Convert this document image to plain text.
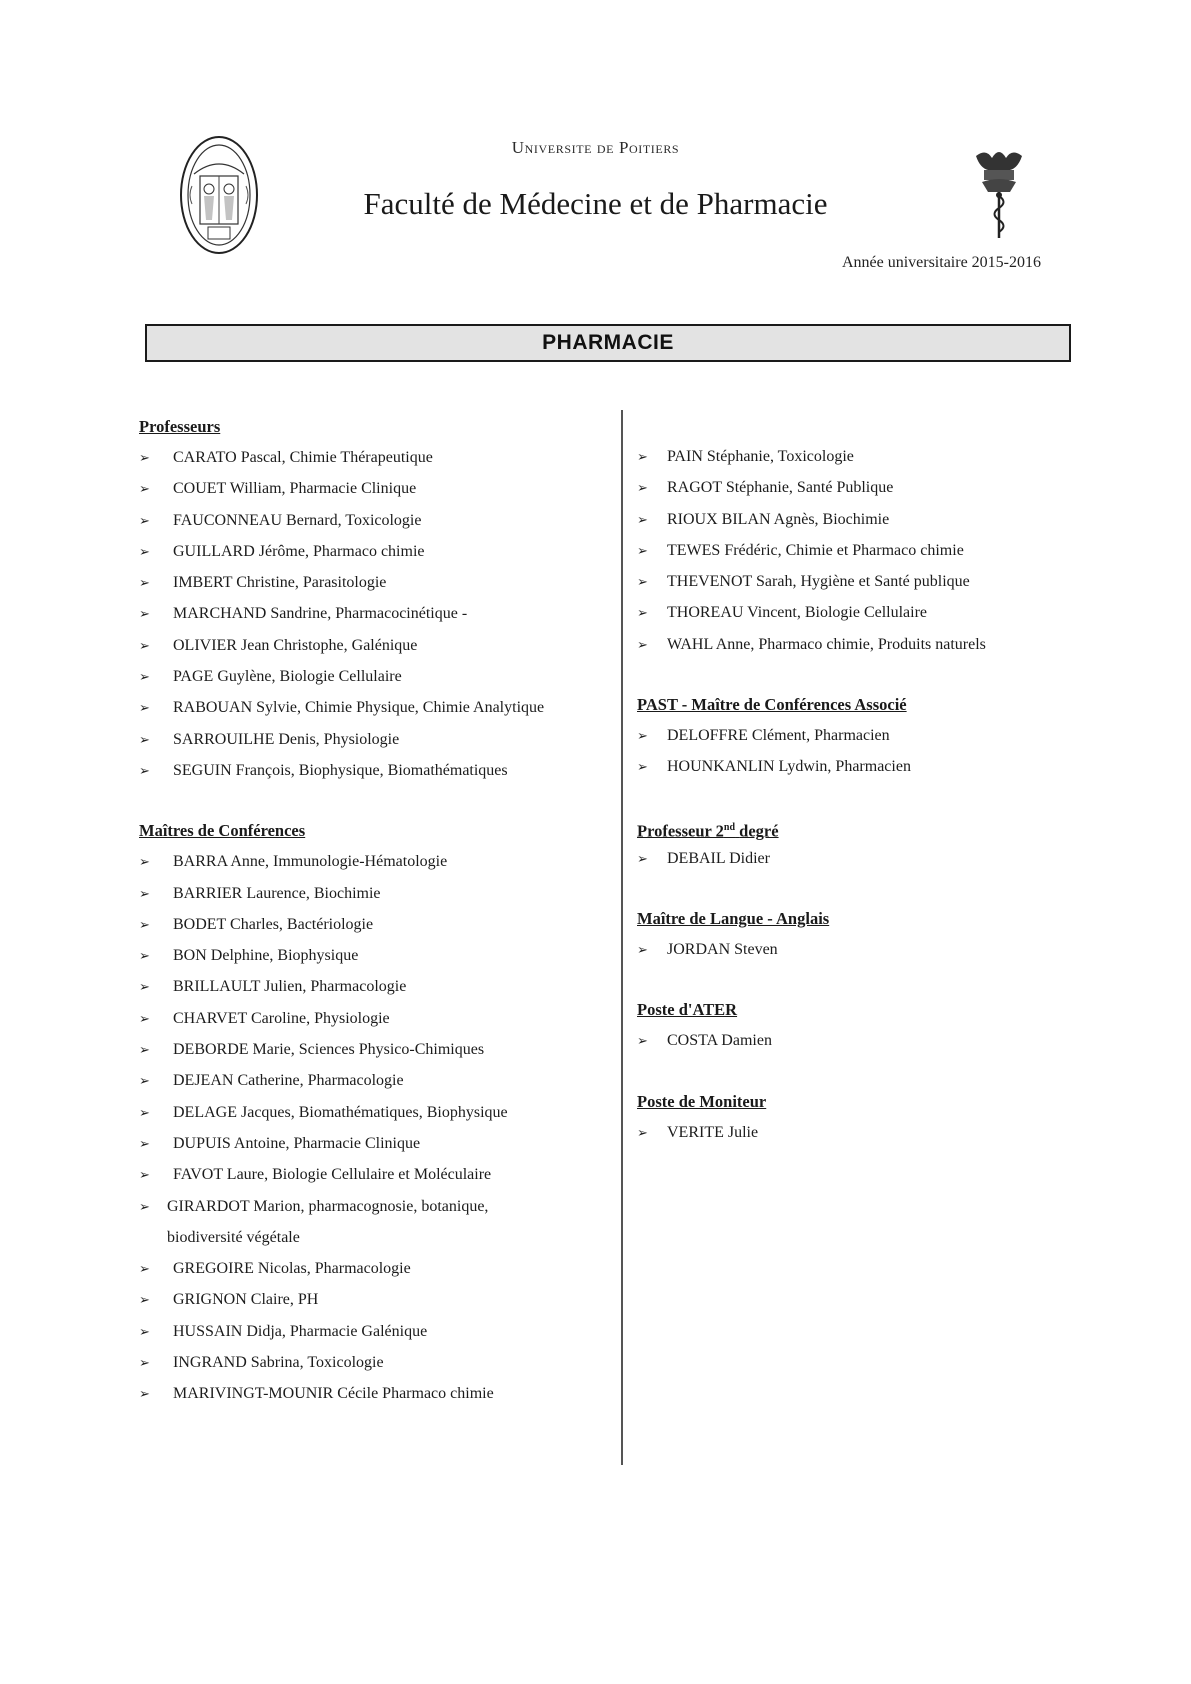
Universite de Poitiers
Faculté de Médecine et de Pharmacie
Année universitaire 2015-2016
PHARMACIE
Professeurs
➢	CARATO Pascal, Chimie Thérapeutique
➢	COUET William, Pharmacie Clinique
➢	FAUCONNEAU Bernard, Toxicologie
➢	GUILLARD Jérôme, Pharmaco chimie
➢	IMBERT Christine, Parasitologie
➢	MARCHAND Sandrine, Pharmacocinétique -
➢	OLIVIER Jean Christophe, Galénique
➢	PAGE Guylène, Biologie Cellulaire
➢	RABOUAN Sylvie, Chimie Physique, Chimie Analytique
➢	SARROUILHE Denis, Physiologie
➢	SEGUIN François, Biophysique, Biomathématiques
Maîtres de Conférences
➢	BARRA Anne, Immunologie-Hématologie
➢	BARRIER Laurence, Biochimie
➢	BODET Charles, Bactériologie
➢	BON Delphine, Biophysique
➢	BRILLAULT Julien, Pharmacologie
➢	CHARVET Caroline, Physiologie
➢	DEBORDE Marie, Sciences Physico-Chimiques
➢	DEJEAN Catherine, Pharmacologie
➢	DELAGE Jacques, Biomathématiques, Biophysique
➢	DUPUIS Antoine, Pharmacie Clinique
➢	FAVOT Laure, Biologie Cellulaire et Moléculaire
➢ GIRARDOT Marion, pharmacognosie, botanique,
biodiversité végétale
➢	GREGOIRE Nicolas, Pharmacologie
➢	GRIGNON Claire, PH
➢	HUSSAIN Didja, Pharmacie Galénique
➢	INGRAND Sabrina, Toxicologie
➢	MARIVINGT-MOUNIR Cécile Pharmaco chimie
➢	PAIN Stéphanie, Toxicologie
➢	RAGOT Stéphanie, Santé Publique
➢	RIOUX BILAN Agnès, Biochimie
➢	TEWES Frédéric, Chimie et Pharmaco chimie
➢	THEVENOT Sarah, Hygiène et Santé publique
➢	THOREAU Vincent, Biologie Cellulaire
➢	WAHL Anne, Pharmaco chimie, Produits naturels
PAST - Maître de Conférences Associé
➢	DELOFFRE Clément, Pharmacien
➢	HOUNKANLIN Lydwin, Pharmacien
Professeur 2nd degré
➢	DEBAIL Didier
Maître de Langue - Anglais
➢	JORDAN Steven
Poste d'ATER
➢	COSTA Damien
Poste de Moniteur
➢	VERITE Julie
